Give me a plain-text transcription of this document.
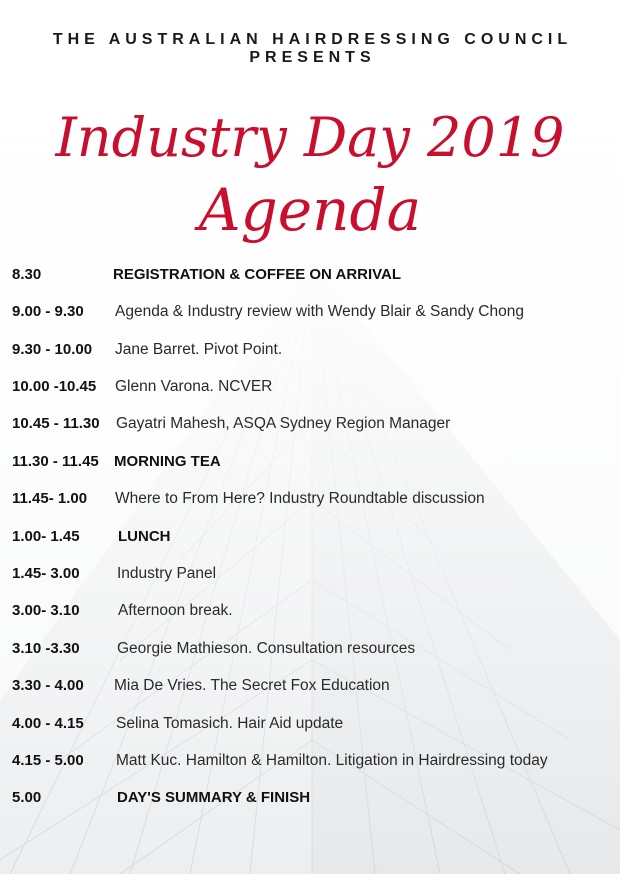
THE AUSTRALIAN HAIRDRESSING COUNCIL
PRESENTS
Industry Day 2019
Agenda
8.30	REGISTRATION & COFFEE ON ARRIVAL
9.00 - 9.30 Agenda & Industry review with Wendy Blair & Sandy Chong
9.30 - 10.00 Jane Barret. Pivot Point.
10.00 -10.45 Glenn Varona. NCVER
10.45 - 11.30 Gayatri Mahesh, ASQA Sydney Region Manager
11.30 - 11.45 MORNING TEA
11.45- 1.00 Where to From Here? Industry Roundtable discussion
1.00- 1.45	LUNCH
1.45- 3.00 Industry Panel
3.00- 3.10 Afternoon break.
3.10 -3.30 Georgie Mathieson. Consultation resources
3.30 - 4.00 Mia De Vries. The Secret Fox Education
4.00 - 4.15 Selina Tomasich. Hair Aid update
4.15 - 5.00 Matt Kuc. Hamilton & Hamilton. Litigation in Hairdressing today
5.00	DAY'S SUMMARY & FINISH
